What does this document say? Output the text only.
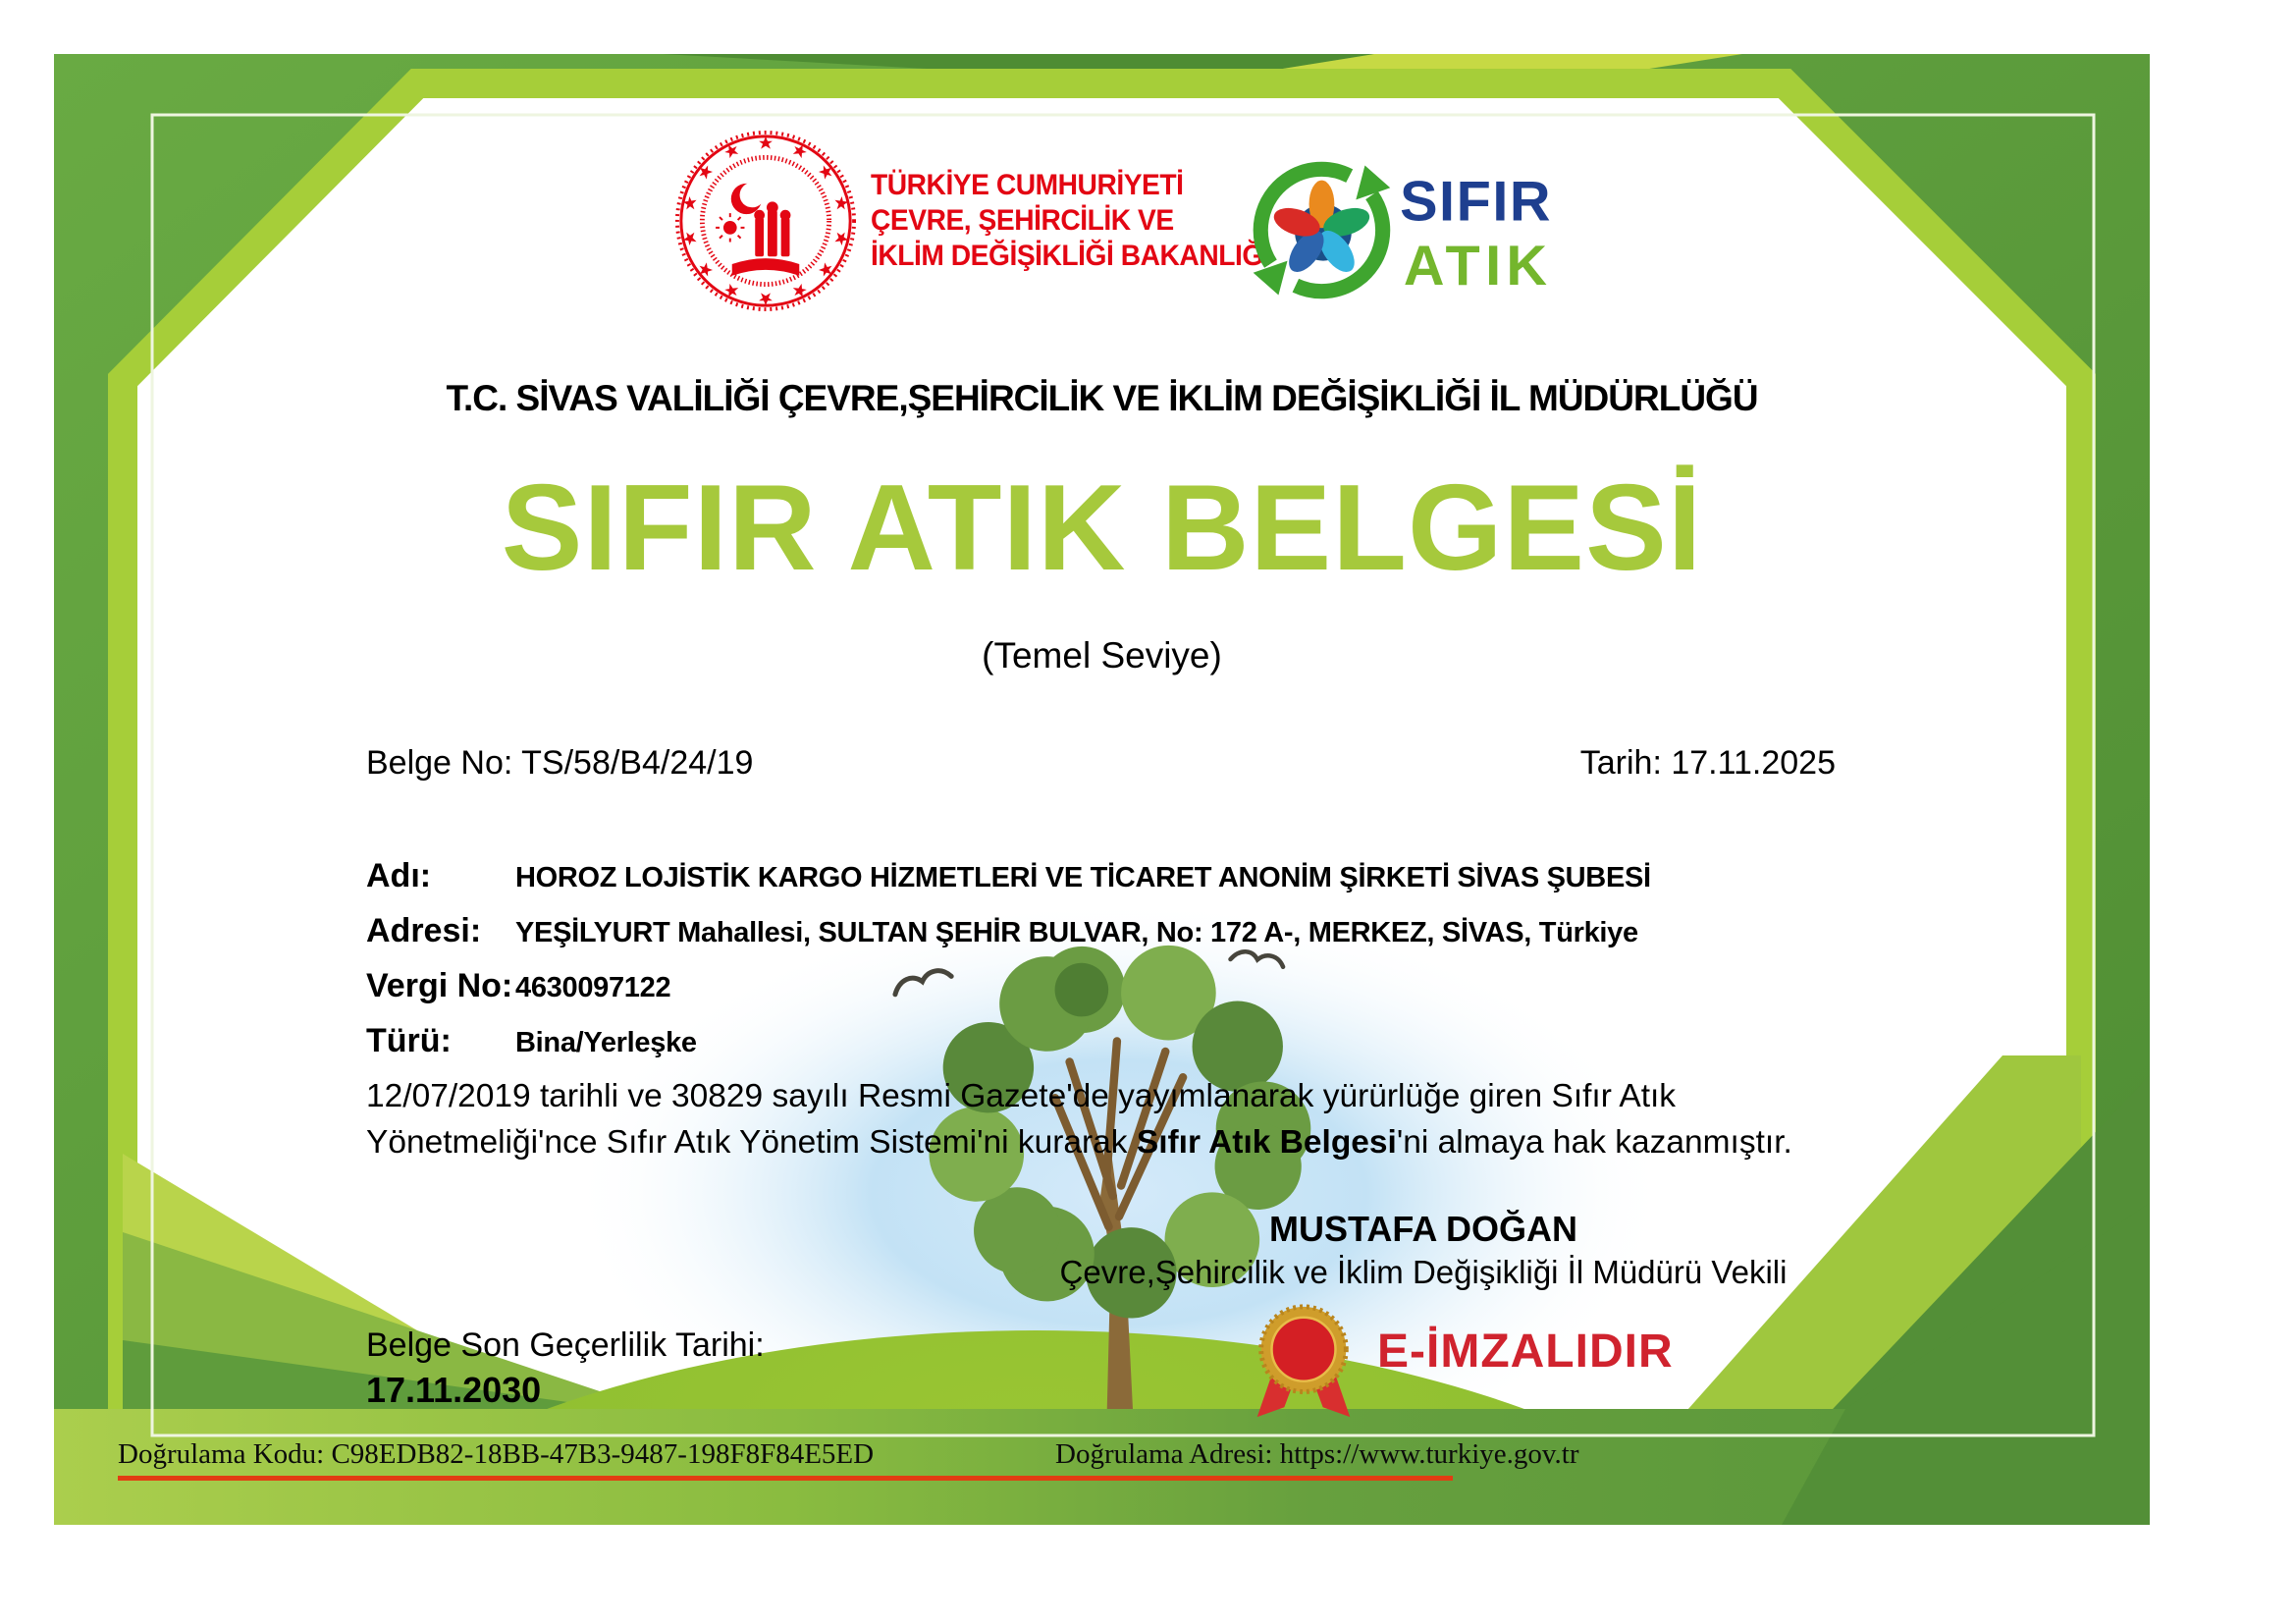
TÜRKİYE CUMHURİYETİ
ÇEVRE, ŞEHİRCİLİK VE
İKLİM DEĞİŞİKLİĞİ BAKANLIĞI
SIFIR
ATIK
T.C. SİVAS VALİLİĞİ ÇEVRE,ŞEHİRCİLİK VE İKLİM DEĞİŞİKLİĞİ İL MÜDÜRLÜĞÜ
SIFIR ATIK BELGESİ
(Temel Seviye)
Belge No: TS/58/B4/24/19	Tarih: 17.11.2025
Adı:	HOROZ LOJİSTİK KARGO HİZMETLERİ VE TİCARET ANONİM ŞİRKETİ SİVAS ŞUBESİ
Adresi:	YEŞİLYURT Mahallesi, SULTAN ŞEHİR BULVAR, No: 172 A-, MERKEZ, SİVAS, Türkiye
Vergi No: 4630097122
Türü:	Bina/Yerleşke
12/07/2019 tarihli ve 30829 sayılı Resmi Gazete'de yayımlanarak yürürlüğe giren Sıfır Atık Yönetmeliği'nce Sıfır Atık Yönetim Sistemi'ni kurarak Sıfır Atık Belgesi'ni almaya hak kazanmıştır.
MUSTAFA DOĞAN
Çevre,Şehircilik ve İklim Değişikliği İl Müdürü Vekili
E-İMZALIDIR
Belge Son Geçerlilik Tarihi:
17.11.2030
Doğrulama Kodu: C98EDB82-18BB-47B3-9487-198F8F84E5ED	Doğrulama Adresi: https://www.turkiye.gov.tr
